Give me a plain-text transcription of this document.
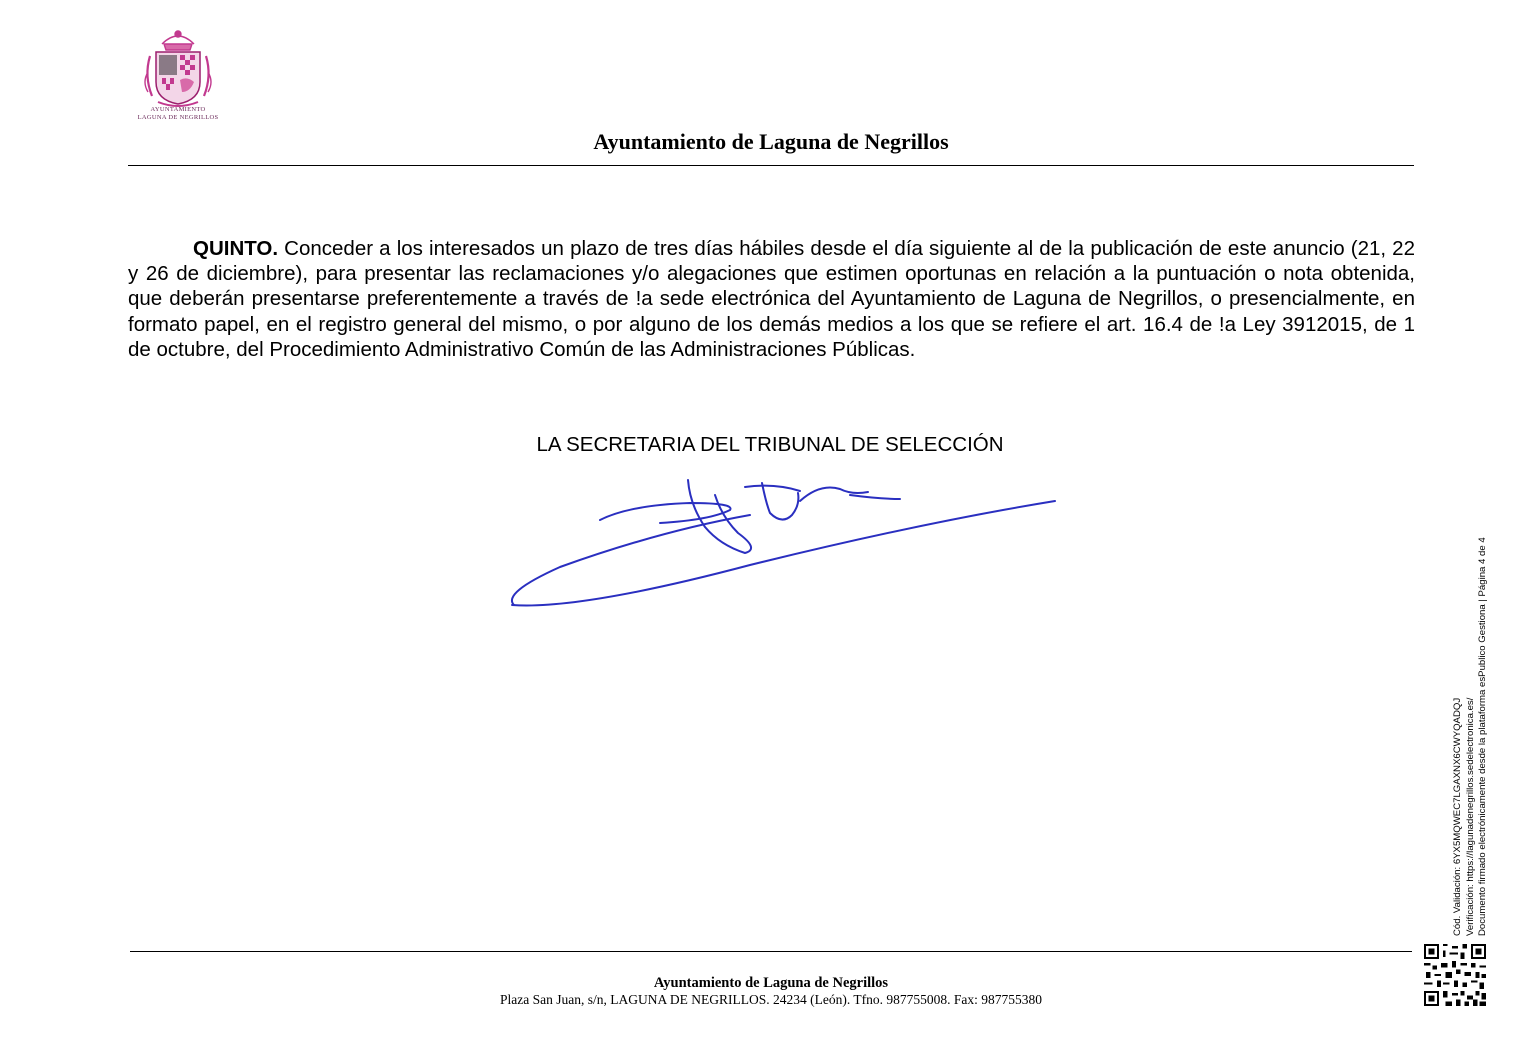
AYUNTAMIENTO
LAGUNA DE NEGRILLOS
Ayuntamiento de Laguna de Negrillos

QUINTO. Conceder a los interesados un plazo de tres días hábiles desde el día siguiente al de la publicación de este anuncio (21, 22 y 26 de diciembre), para presentar las reclamaciones y/o alegaciones que estimen oportunas en relación a la puntuación o nota obtenida, que deberán presentarse preferentemente a través de !a sede electrónica del Ayuntamiento de Laguna de Negrillos, o presencialmente, en formato papel, en el registro general del mismo, o por alguno de los demás medios a los que se refiere el art. 16.4 de !a Ley 3912015, de 1 de octubre, del Procedimiento Administrativo Común de las Administraciones Públicas.

LA SECRETARIA DEL TRIBUNAL DE SELECCIÓN
Cód. Validación: 6YX5MQWEC7LGAXNX6CWYQADQJ Verificación: https://lagunadenegrillos.sedelectronica.es/ Documento firmado electrónicamente desde la plataforma esPublico Gestiona | Página 4 de 4
Ayuntamiento de Laguna de Negrillos
Plaza San Juan, s/n, LAGUNA DE NEGRILLOS. 24234 (León). Tfno. 987755008. Fax: 987755380
